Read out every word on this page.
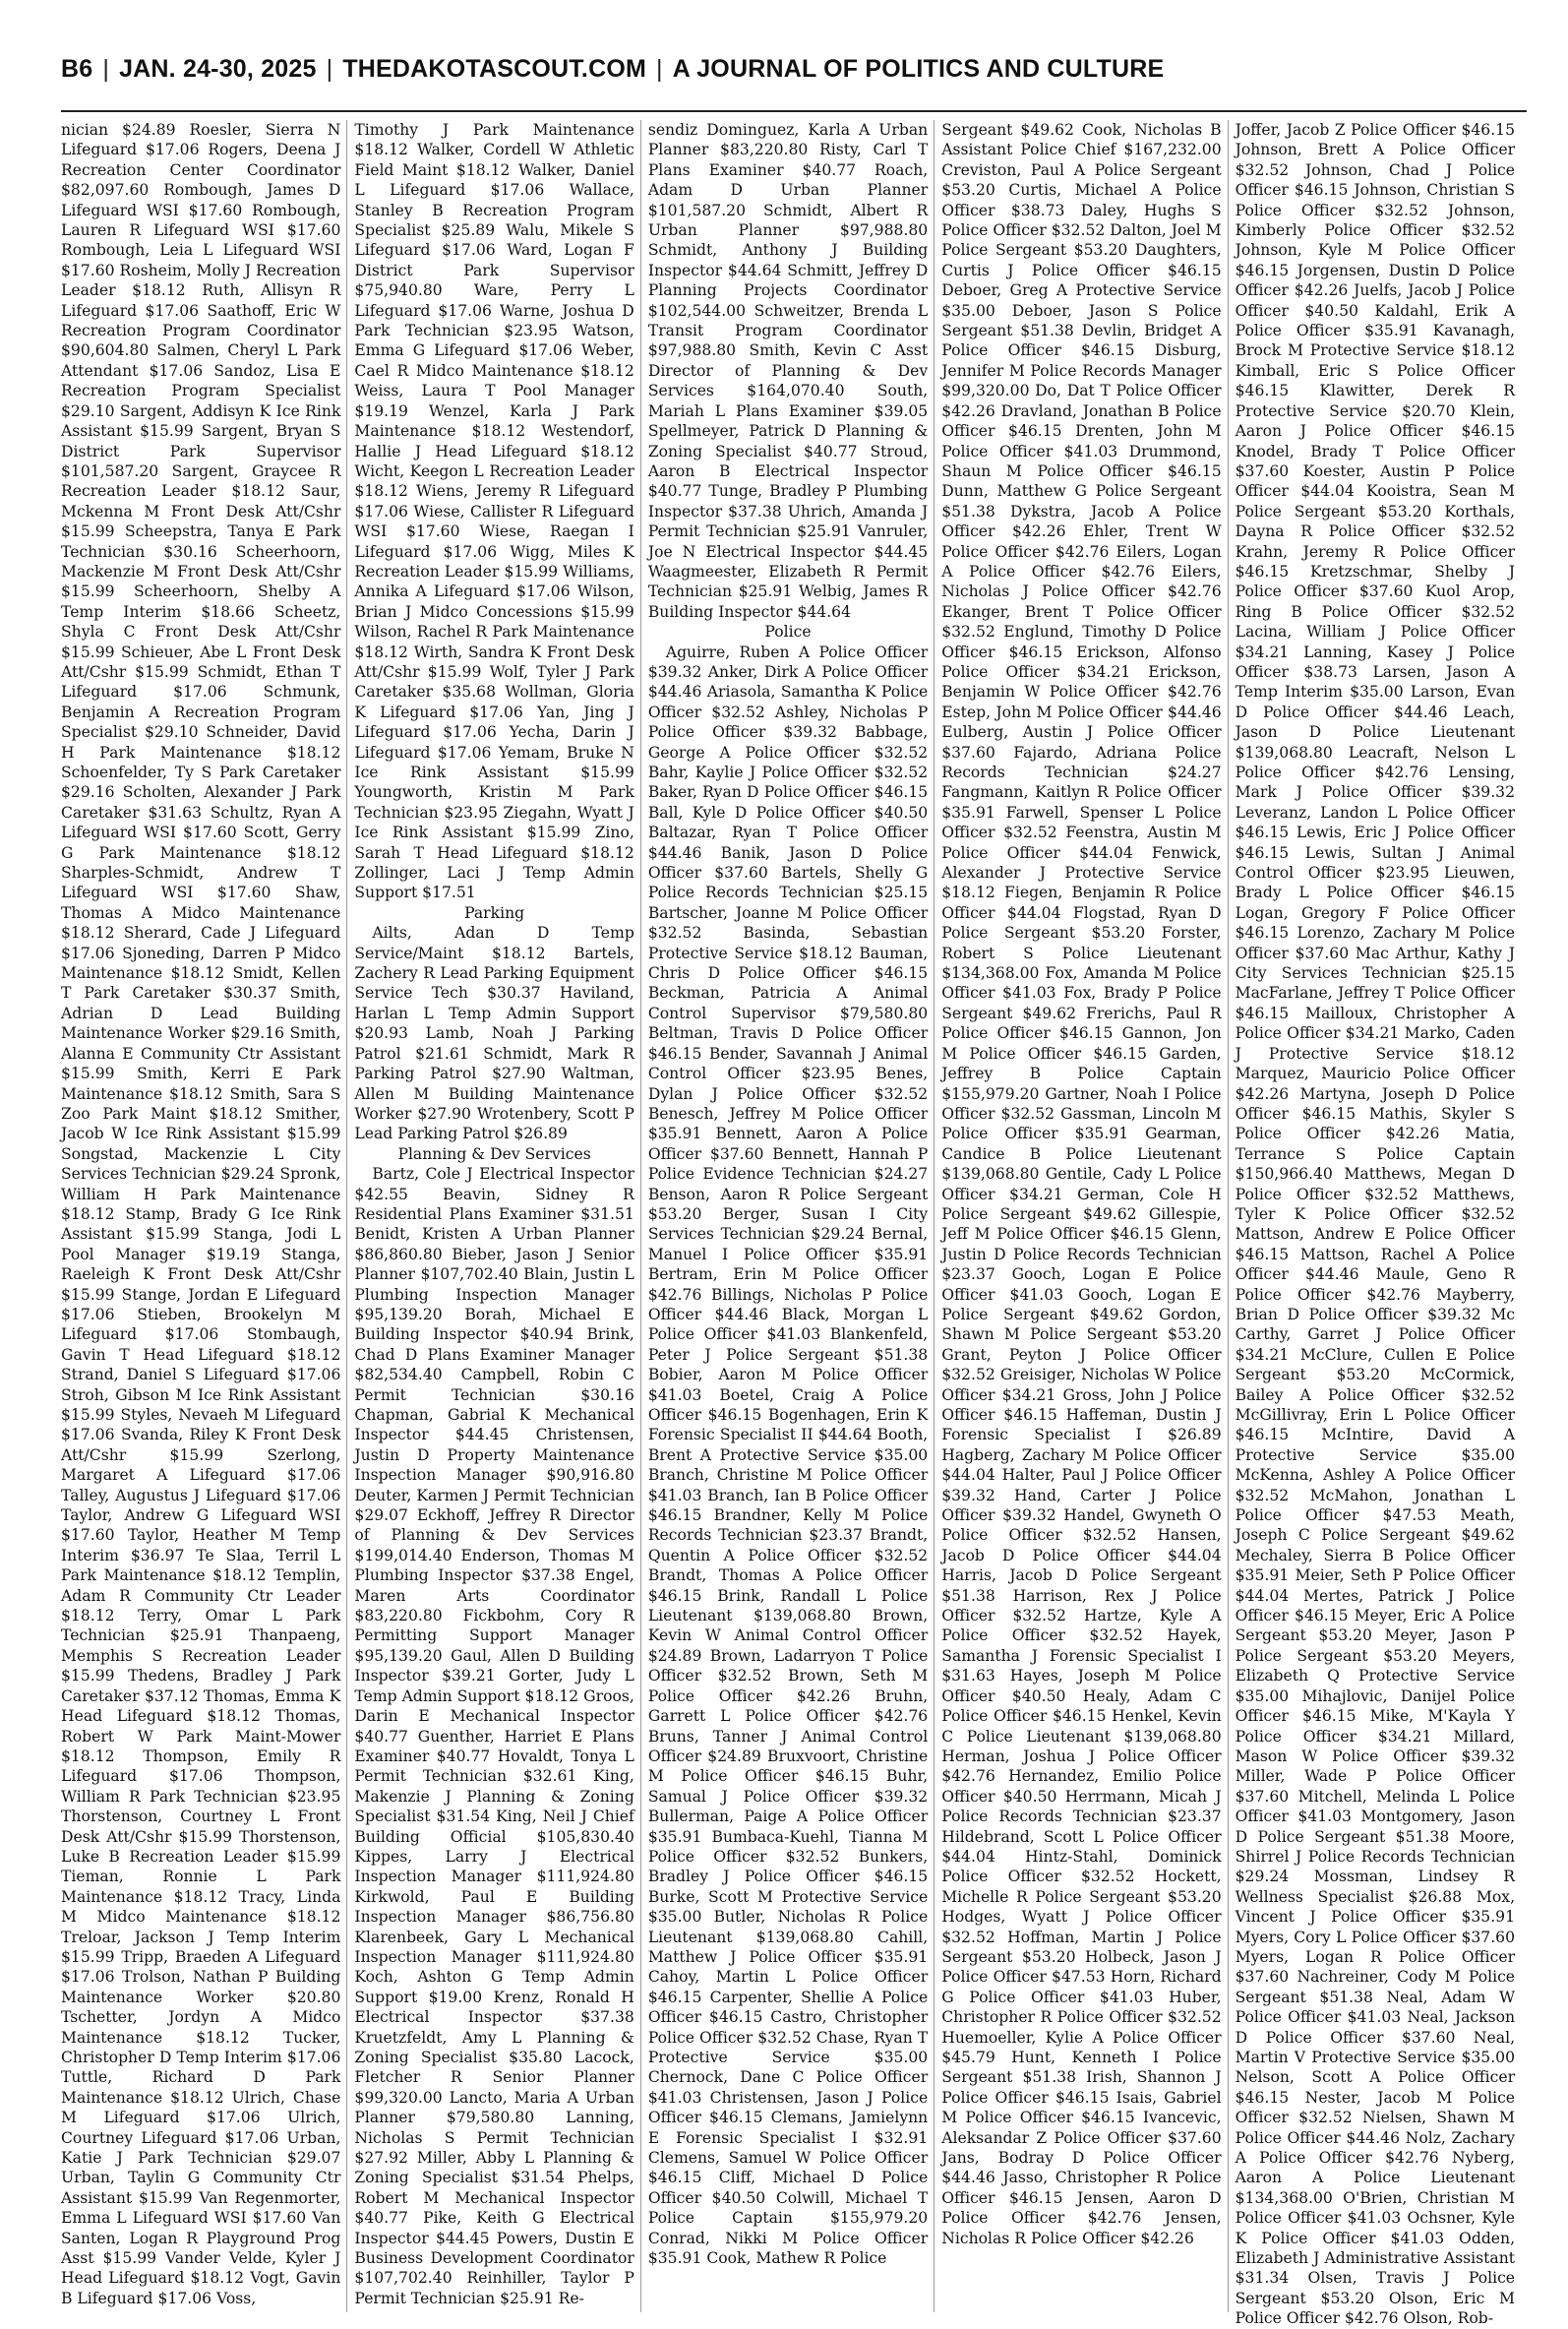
B6 | JAN. 24-30, 2025 | THEDAKOTASCOUT.COM | A JOURNAL OF POLITICS AND CULTURE

nician $24.89 Roesler, Sierra N Lifeguard $17.06 Rogers, Deena J Recreation Center Coordinator $82,097.60 Rombough, James D Lifeguard WSI $17.60 Rombough, Lauren R Lifeguard WSI $17.60 Rombough, Leia L Lifeguard WSI $17.60 Rosheim, Molly J Recreation Leader $18.12 Ruth, Allisyn R Lifeguard $17.06 Saathoff, Eric W Recreation Program Coordinator $90,604.80 Salmen, Cheryl L Park Attendant $17.06 Sandoz, Lisa E Recreation Program Specialist $29.10 Sargent, Addisyn K Ice Rink Assistant $15.99 Sargent, Bryan S District Park Supervisor $101,587.20 Sargent, Graycee R Recreation Leader $18.12 Saur, Mckenna M Front Desk Att/Cshr $15.99 Scheepstra, Tanya E Park Technician $30.16 Scheerhoorn, Mackenzie M Front Desk Att/Cshr $15.99 Scheerhoorn, Shelby A Temp Interim $18.66 Scheetz, Shyla C Front Desk Att/Cshr $15.99 Schieuer, Abe L Front Desk Att/Cshr $15.99 Schmidt, Ethan T Lifeguard $17.06 Schmunk, Benjamin A Recreation Program Specialist $29.10 Schneider, David H Park Maintenance $18.12 Schoenfelder, Ty S Park Caretaker $29.16 Scholten, Alexander J Park Caretaker $31.63 Schultz, Ryan A Lifeguard WSI $17.60 Scott, Gerry G Park Maintenance $18.12 Sharples-Schmidt, Andrew T Lifeguard WSI $17.60 Shaw, Thomas A Midco Maintenance $18.12 Sherard, Cade J Lifeguard $17.06 Sjoneding, Darren P Midco Maintenance $18.12 Smidt, Kellen T Park Caretaker $30.37 Smith, Adrian D Lead Building Maintenance Worker $29.16 Smith, Alanna E Community Ctr Assistant $15.99 Smith, Kerri E Park Maintenance $18.12 Smith, Sara S Zoo Park Maint $18.12 Smither, Jacob W Ice Rink Assistant $15.99 Songstad, Mackenzie L City Services Technician $29.24 Spronk, William H Park Maintenance $18.12 Stamp, Brady G Ice Rink Assistant $15.99 Stanga, Jodi L Pool Manager $19.19 Stanga, Raeleigh K Front Desk Att/Cshr $15.99 Stange, Jordan E Lifeguard $17.06 Stieben, Brookelyn M Lifeguard $17.06 Stombaugh, Gavin T Head Lifeguard $18.12 Strand, Daniel S Lifeguard $17.06 Stroh, Gibson M Ice Rink Assistant $15.99 Styles, Nevaeh M Lifeguard $17.06 Svanda, Riley K Front Desk Att/Cshr $15.99 Szerlong, Margaret A Lifeguard $17.06 Talley, Augustus J Lifeguard $17.06 Taylor, Andrew G Lifeguard WSI $17.60 Taylor, Heather M Temp Interim $36.97 Te Slaa, Terril L Park Maintenance $18.12 Templin, Adam R Community Ctr Leader $18.12 Terry, Omar L Park Technician $25.91 Thanpaeng, Memphis S Recreation Leader $15.99 Thedens, Bradley J Park Caretaker $37.12 Thomas, Emma K Head Lifeguard $18.12 Thomas, Robert W Park Maint-Mower $18.12 Thompson, Emily R Lifeguard $17.06 Thompson, William R Park Technician $23.95 Thorstenson, Courtney L Front Desk Att/Cshr $15.99 Thorstenson, Luke B Recreation Leader $15.99 Tieman, Ronnie L Park Maintenance $18.12 Tracy, Linda M Midco Maintenance $18.12 Treloar, Jackson J Temp Interim $15.99 Tripp, Braeden A Lifeguard $17.06 Trolson, Nathan P Building Maintenance Worker $20.80 Tschetter, Jordyn A Midco Maintenance $18.12 Tucker, Christopher D Temp Interim $17.06 Tuttle, Richard D Park Maintenance $18.12 Ulrich, Chase M Lifeguard $17.06 Ulrich, Courtney Lifeguard $17.06 Urban, Katie J Park Technician $29.07 Urban, Taylin G Community Ctr Assistant $15.99 Van Regenmorter, Emma L Lifeguard WSI $17.60 Van Santen, Logan R Playground Prog Asst $15.99 Vander Velde, Kyler J Head Lifeguard $18.12 Vogt, Gavin B Lifeguard $17.06 Voss,

Timothy J Park Maintenance $18.12 Walker, Cordell W Athletic Field Maint $18.12 Walker, Daniel L Lifeguard $17.06 Wallace, Stanley B Recreation Program Specialist $25.89 Walu, Mikele S Lifeguard $17.06 Ward, Logan F District Park Supervisor $75,940.80 Ware, Perry L Lifeguard $17.06 Warne, Joshua D Park Technician $23.95 Watson, Emma G Lifeguard $17.06 Weber, Cael R Midco Maintenance $18.12 Weiss, Laura T Pool Manager $19.19 Wenzel, Karla J Park Maintenance $18.12 Westendorf, Hallie J Head Lifeguard $18.12 Wicht, Keegon L Recreation Leader $18.12 Wiens, Jeremy R Lifeguard $17.06 Wiese, Callister R Lifeguard WSI $17.60 Wiese, Raegan I Lifeguard $17.06 Wigg, Miles K Recreation Leader $15.99 Williams, Annika A Lifeguard $17.06 Wilson, Brian J Midco Concessions $15.99 Wilson, Rachel R Park Maintenance $18.12 Wirth, Sandra K Front Desk Att/Cshr $15.99 Wolf, Tyler J Park Caretaker $35.68 Wollman, Gloria K Lifeguard $17.06 Yan, Jing J Lifeguard $17.06 Yecha, Darin J Lifeguard $17.06 Yemam, Bruke N Ice Rink Assistant $15.99 Youngworth, Kristin M Park Technician $23.95 Ziegahn, Wyatt J Ice Rink Assistant $15.99 Zino, Sarah T Head Lifeguard $18.12 Zollinger, Laci J Temp Admin Support $17.51

Parking

Ailts, Adan D Temp Service/Maint $18.12 Bartels, Zachery R Lead Parking Equipment Service Tech $30.37 Haviland, Harlan L Temp Admin Support $20.93 Lamb, Noah J Parking Patrol $21.61 Schmidt, Mark R Parking Patrol $27.90 Waltman, Allen M Building Maintenance Worker $27.90 Wrotenbery, Scott P Lead Parking Patrol $26.89

Planning & Dev Services

Bartz, Cole J Electrical Inspector $42.55 Beavin, Sidney R Residential Plans Examiner $31.51 Benidt, Kristen A Urban Planner $86,860.80 Bieber, Jason J Senior Planner $107,702.40 Blain, Justin L Plumbing Inspection Manager $95,139.20 Borah, Michael E Building Inspector $40.94 Brink, Chad D Plans Examiner Manager $82,534.40 Campbell, Robin C Permit Technician $30.16 Chapman, Gabrial K Mechanical Inspector $44.45 Christensen, Justin D Property Maintenance Inspection Manager $90,916.80 Deuter, Karmen J Permit Technician $29.07 Eckhoff, Jeffrey R Director of Planning & Dev Services $199,014.40 Enderson, Thomas M Plumbing Inspector $37.38 Engel, Maren Arts Coordinator $83,220.80 Fickbohm, Cory R Permitting Support Manager $95,139.20 Gaul, Allen D Building Inspector $39.21 Gorter, Judy L Temp Admin Support $18.12 Groos, Darin E Mechanical Inspector $40.77 Guenther, Harriet E Plans Examiner $40.77 Hovaldt, Tonya L Permit Technician $32.61 King, Makenzie J Planning & Zoning Specialist $31.54 King, Neil J Chief Building Official $105,830.40 Kippes, Larry J Electrical Inspection Manager $111,924.80 Kirkwold, Paul E Building Inspection Manager $86,756.80 Klarenbeek, Gary L Mechanical Inspection Manager $111,924.80 Koch, Ashton G Temp Admin Support $19.00 Krenz, Ronald H Electrical Inspector $37.38 Kruetzfeldt, Amy L Planning & Zoning Specialist $35.80 Lacock, Fletcher R Senior Planner $99,320.00 Lancto, Maria A Urban Planner $79,580.80 Lanning, Nicholas S Permit Technician $27.92 Miller, Abby L Planning & Zoning Specialist $31.54 Phelps, Robert M Mechanical Inspector $40.77 Pike, Keith G Electrical Inspector $44.45 Powers, Dustin E Business Development Coordinator $107,702.40 Reinhiller, Taylor P Permit Technician $25.91 Re-

sendiz Dominguez, Karla A Urban Planner $83,220.80 Risty, Carl T Plans Examiner $40.77 Roach, Adam D Urban Planner $101,587.20 Schmidt, Albert R Urban Planner $97,988.80 Schmidt, Anthony J Building Inspector $44.64 Schmitt, Jeffrey D Planning Projects Coordinator $102,544.00 Schweitzer, Brenda L Transit Program Coordinator $97,988.80 Smith, Kevin C Asst Director of Planning & Dev Services $164,070.40 South, Mariah L Plans Examiner $39.05 Spellmeyer, Patrick D Planning & Zoning Specialist $40.77 Stroud, Aaron B Electrical Inspector $40.77 Tunge, Bradley P Plumbing Inspector $37.38 Uhrich, Amanda J Permit Technician $25.91 Vanruler, Joe N Electrical Inspector $44.45 Waagmeester, Elizabeth R Permit Technician $25.91 Welbig, James R Building Inspector $44.64

Police

Aguirre, Ruben A Police Officer $39.32 Anker, Dirk A Police Officer $44.46 Ariasola, Samantha K Police Officer $32.52 Ashley, Nicholas P Police Officer $39.32 Babbage, George A Police Officer $32.52 Bahr, Kaylie J Police Officer $32.52 Baker, Ryan D Police Officer $46.15 Ball, Kyle D Police Officer $40.50 Baltazar, Ryan T Police Officer $44.46 Banik, Jason D Police Officer $37.60 Bartels, Shelly G Police Records Technician $25.15 Bartscher, Joanne M Police Officer $32.52 Basinda, Sebastian Protective Service $18.12 Bauman, Chris D Police Officer $46.15 Beckman, Patricia A Animal Control Supervisor $79,580.80 Beltman, Travis D Police Officer $46.15 Bender, Savannah J Animal Control Officer $23.95 Benes, Dylan J Police Officer $32.52 Benesch, Jeffrey M Police Officer $35.91 Bennett, Aaron A Police Officer $37.60 Bennett, Hannah P Police Evidence Technician $24.27 Benson, Aaron R Police Sergeant $53.20 Berger, Susan I City Services Technician $29.24 Bernal, Manuel I Police Officer $35.91 Bertram, Erin M Police Officer $42.76 Billings, Nicholas P Police Officer $44.46 Black, Morgan L Police Officer $41.03 Blankenfeld, Peter J Police Sergeant $51.38 Bobier, Aaron M Police Officer $41.03 Boetel, Craig A Police Officer $46.15 Bogenhagen, Erin K Forensic Specialist II $44.64 Booth, Brent A Protective Service $35.00 Branch, Christine M Police Officer $41.03 Branch, Ian B Police Officer $46.15 Brandner, Kelly M Police Records Technician $23.37 Brandt, Quentin A Police Officer $32.52 Brandt, Thomas A Police Officer $46.15 Brink, Randall L Police Lieutenant $139,068.80 Brown, Kevin W Animal Control Officer $24.89 Brown, Ladarryon T Police Officer $32.52 Brown, Seth M Police Officer $42.26 Bruhn, Garrett L Police Officer $42.76 Bruns, Tanner J Animal Control Officer $24.89 Bruxvoort, Christine M Police Officer $46.15 Buhr, Samual J Police Officer $39.32 Bullerman, Paige A Police Officer $35.91 Bumbaca-Kuehl, Tianna M Police Officer $32.52 Bunkers, Bradley J Police Officer $46.15 Burke, Scott M Protective Service $35.00 Butler, Nicholas R Police Lieutenant $139,068.80 Cahill, Matthew J Police Officer $35.91 Cahoy, Martin L Police Officer $46.15 Carpenter, Shellie A Police Officer $46.15 Castro, Christopher Police Officer $32.52 Chase, Ryan T Protective Service $35.00 Chernock, Dane C Police Officer $41.03 Christensen, Jason J Police Officer $46.15 Clemans, Jamielynn E Forensic Specialist I $32.91 Clemens, Samuel W Police Officer $46.15 Cliff, Michael D Police Officer $40.50 Colwill, Michael T Police Captain $155,979.20 Conrad, Nikki M Police Officer $35.91 Cook, Mathew R Police

Sergeant $49.62 Cook, Nicholas B Assistant Police Chief $167,232.00 Creviston, Paul A Police Sergeant $53.20 Curtis, Michael A Police Officer $38.73 Daley, Hughs S Police Officer $32.52 Dalton, Joel M Police Sergeant $53.20 Daughters, Curtis J Police Officer $46.15 Deboer, Greg A Protective Service $35.00 Deboer, Jason S Police Sergeant $51.38 Devlin, Bridget A Police Officer $46.15 Disburg, Jennifer M Police Records Manager $99,320.00 Do, Dat T Police Officer $42.26 Dravland, Jonathan B Police Officer $46.15 Drenten, John M Police Officer $41.03 Drummond, Shaun M Police Officer $46.15 Dunn, Matthew G Police Sergeant $51.38 Dykstra, Jacob A Police Officer $42.26 Ehler, Trent W Police Officer $42.76 Eilers, Logan A Police Officer $42.76 Eilers, Nicholas J Police Officer $42.76 Ekanger, Brent T Police Officer $32.52 Englund, Timothy D Police Officer $46.15 Erickson, Alfonso Police Officer $34.21 Erickson, Benjamin W Police Officer $42.76 Estep, John M Police Officer $44.46 Eulberg, Austin J Police Officer $37.60 Fajardo, Adriana Police Records Technician $24.27 Fangmann, Kaitlyn R Police Officer $35.91 Farwell, Spenser L Police Officer $32.52 Feenstra, Austin M Police Officer $44.04 Fenwick, Alexander J Protective Service $18.12 Fiegen, Benjamin R Police Officer $44.04 Flogstad, Ryan D Police Sergeant $53.20 Forster, Robert S Police Lieutenant $134,368.00 Fox, Amanda M Police Officer $41.03 Fox, Brady P Police Sergeant $49.62 Frerichs, Paul R Police Officer $46.15 Gannon, Jon M Police Officer $46.15 Garden, Jeffrey B Police Captain $155,979.20 Gartner, Noah I Police Officer $32.52 Gassman, Lincoln M Police Officer $35.91 Gearman, Candice B Police Lieutenant $139,068.80 Gentile, Cady L Police Officer $34.21 German, Cole H Police Sergeant $49.62 Gillespie, Jeff M Police Officer $46.15 Glenn, Justin D Police Records Technician $23.37 Gooch, Logan E Police Officer $41.03 Gooch, Logan E Police Sergeant $49.62 Gordon, Shawn M Police Sergeant $53.20 Grant, Peyton J Police Officer $32.52 Greisiger, Nicholas W Police Officer $34.21 Gross, John J Police Officer $46.15 Haffeman, Dustin J Forensic Specialist I $26.89 Hagberg, Zachary M Police Officer $44.04 Halter, Paul J Police Officer $39.32 Hand, Carter J Police Officer $39.32 Handel, Gwyneth O Police Officer $32.52 Hansen, Jacob D Police Officer $44.04 Harris, Jacob D Police Sergeant $51.38 Harrison, Rex J Police Officer $32.52 Hartze, Kyle A Police Officer $32.52 Hayek, Samantha J Forensic Specialist I $31.63 Hayes, Joseph M Police Officer $40.50 Healy, Adam C Police Officer $46.15 Henkel, Kevin C Police Lieutenant $139,068.80 Herman, Joshua J Police Officer $42.76 Hernandez, Emilio Police Officer $40.50 Herrmann, Micah J Police Records Technician $23.37 Hildebrand, Scott L Police Officer $44.04 Hintz-Stahl, Dominick Police Officer $32.52 Hockett, Michelle R Police Sergeant $53.20 Hodges, Wyatt J Police Officer $32.52 Hoffman, Martin J Police Sergeant $53.20 Holbeck, Jason J Police Officer $47.53 Horn, Richard G Police Officer $41.03 Huber, Christopher R Police Officer $32.52 Huemoeller, Kylie A Police Officer $45.79 Hunt, Kenneth I Police Sergeant $51.38 Irish, Shannon J Police Officer $46.15 Isais, Gabriel M Police Officer $46.15 Ivancevic, Aleksandar Z Police Officer $37.60 Jans, Bodray D Police Officer $44.46 Jasso, Christopher R Police Officer $46.15 Jensen, Aaron D Police Officer $42.76 Jensen, Nicholas R Police Officer $42.26

Joffer, Jacob Z Police Officer $46.15 Johnson, Brett A Police Officer $32.52 Johnson, Chad J Police Officer $46.15 Johnson, Christian S Police Officer $32.52 Johnson, Kimberly Police Officer $32.52 Johnson, Kyle M Police Officer $46.15 Jorgensen, Dustin D Police Officer $42.26 Juelfs, Jacob J Police Officer $40.50 Kaldahl, Erik A Police Officer $35.91 Kavanagh, Brock M Protective Service $18.12 Kimball, Eric S Police Officer $46.15 Klawitter, Derek R Protective Service $20.70 Klein, Aaron J Police Officer $46.15 Knodel, Brady T Police Officer $37.60 Koester, Austin P Police Officer $44.04 Kooistra, Sean M Police Sergeant $53.20 Korthals, Dayna R Police Officer $32.52 Krahn, Jeremy R Police Officer $46.15 Kretzschmar, Shelby J Police Officer $37.60 Kuol Arop, Ring B Police Officer $32.52 Lacina, William J Police Officer $34.21 Lanning, Kasey J Police Officer $38.73 Larsen, Jason A Temp Interim $35.00 Larson, Evan D Police Officer $44.46 Leach, Jason D Police Lieutenant $139,068.80 Leacraft, Nelson L Police Officer $42.76 Lensing, Mark J Police Officer $39.32 Leveranz, Landon L Police Officer $46.15 Lewis, Eric J Police Officer $46.15 Lewis, Sultan J Animal Control Officer $23.95 Lieuwen, Brady L Police Officer $46.15 Logan, Gregory F Police Officer $46.15 Lorenzo, Zachary M Police Officer $37.60 Mac Arthur, Kathy J City Services Technician $25.15 MacFarlane, Jeffrey T Police Officer $46.15 Mailloux, Christopher A Police Officer $34.21 Marko, Caden J Protective Service $18.12 Marquez, Mauricio Police Officer $42.26 Martyna, Joseph D Police Officer $46.15 Mathis, Skyler S Police Officer $42.26 Matia, Terrance S Police Captain $150,966.40 Matthews, Megan D Police Officer $32.52 Matthews, Tyler K Police Officer $32.52 Mattson, Andrew E Police Officer $46.15 Mattson, Rachel A Police Officer $44.46 Maule, Geno R Police Officer $42.76 Mayberry, Brian D Police Officer $39.32 Mc Carthy, Garret J Police Officer $34.21 McClure, Cullen E Police Sergeant $53.20 McCormick, Bailey A Police Officer $32.52 McGillivray, Erin L Police Officer $46.15 McIntire, David A Protective Service $35.00 McKenna, Ashley A Police Officer $32.52 McMahon, Jonathan L Police Officer $47.53 Meath, Joseph C Police Sergeant $49.62 Mechaley, Sierra B Police Officer $35.91 Meier, Seth P Police Officer $44.04 Mertes, Patrick J Police Officer $46.15 Meyer, Eric A Police Sergeant $53.20 Meyer, Jason P Police Sergeant $53.20 Meyers, Elizabeth Q Protective Service $35.00 Mihajlovic, Danijel Police Officer $46.15 Mike, M'Kayla Y Police Officer $34.21 Millard, Mason W Police Officer $39.32 Miller, Wade P Police Officer $37.60 Mitchell, Melinda L Police Officer $41.03 Montgomery, Jason D Police Sergeant $51.38 Moore, Shirrel J Police Records Technician $29.24 Mossman, Lindsey R Wellness Specialist $26.88 Mox, Vincent J Police Officer $35.91 Myers, Cory L Police Officer $37.60 Myers, Logan R Police Officer $37.60 Nachreiner, Cody M Police Sergeant $51.38 Neal, Adam W Police Officer $41.03 Neal, Jackson D Police Officer $37.60 Neal, Martin V Protective Service $35.00 Nelson, Scott A Police Officer $46.15 Nester, Jacob M Police Officer $32.52 Nielsen, Shawn M Police Officer $44.46 Nolz, Zachary A Police Officer $42.76 Nyberg, Aaron A Police Lieutenant $134,368.00 O'Brien, Christian M Police Officer $41.03 Ochsner, Kyle K Police Officer $41.03 Odden, Elizabeth J Administrative Assistant $31.34 Olsen, Travis J Police Sergeant $53.20 Olson, Eric M Police Officer $42.76 Olson, Rob-
